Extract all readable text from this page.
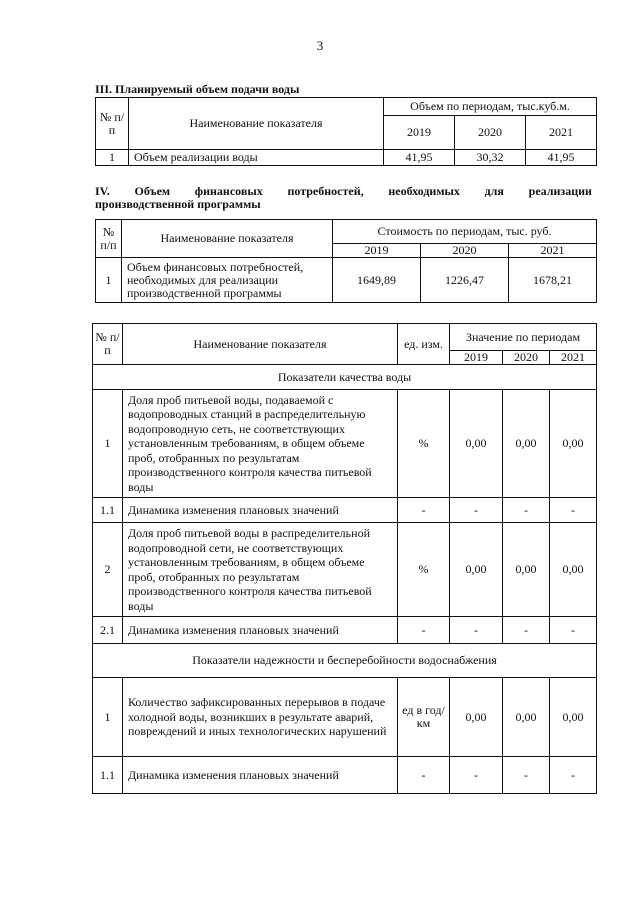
3
III. Планируемый объем подачи воды
№ п/п	Наименование показателя	Объем по периодам, тыс.куб.м.		
		2019	2020	2021
1	Объем реализации воды	41,95	30,32	41,95
IV. Объем финансовых потребностей, необходимых для реализации
производственной программы
№ п/п	Наименование показателя	Стоимость по периодам, тыс. руб.		
		2019	2020	2021
1	Объем финансовых потребностей, необходимых для реализации производственной программы	1649,89	1226,47	1678,21
№ п/п	Наименование показателя	ед. изм.	Значение по периодам		
			2019	2020	2021
Показатели качества воды					
1	Доля проб питьевой воды, подаваемой с водопроводных станций в распределительную водопроводную сеть, не соответствующих установленным требованиям, в общем объеме проб, отобранных по результатам производственного контроля качества питьевой воды	%	0,00	0,00	0,00
1.1	Динамика изменения плановых значений	-	-	-	-
2	Доля проб питьевой воды в распределительной водопроводной сети, не соответствующих установленным требованиям, в общем объеме проб, отобранных по результатам производственного контроля качества питьевой воды	%	0,00	0,00	0,00
2.1	Динамика изменения плановых значений	-	-	-	-
Показатели надежности и бесперебойности водоснабжения					
1	Количество зафиксированных перерывов в подаче холодной воды, возникших в результате аварий, повреждений и иных технологических нарушений	ед в год/ км	0,00	0,00	0,00
1.1	Динамика изменения плановых значений	-	-	-	-
